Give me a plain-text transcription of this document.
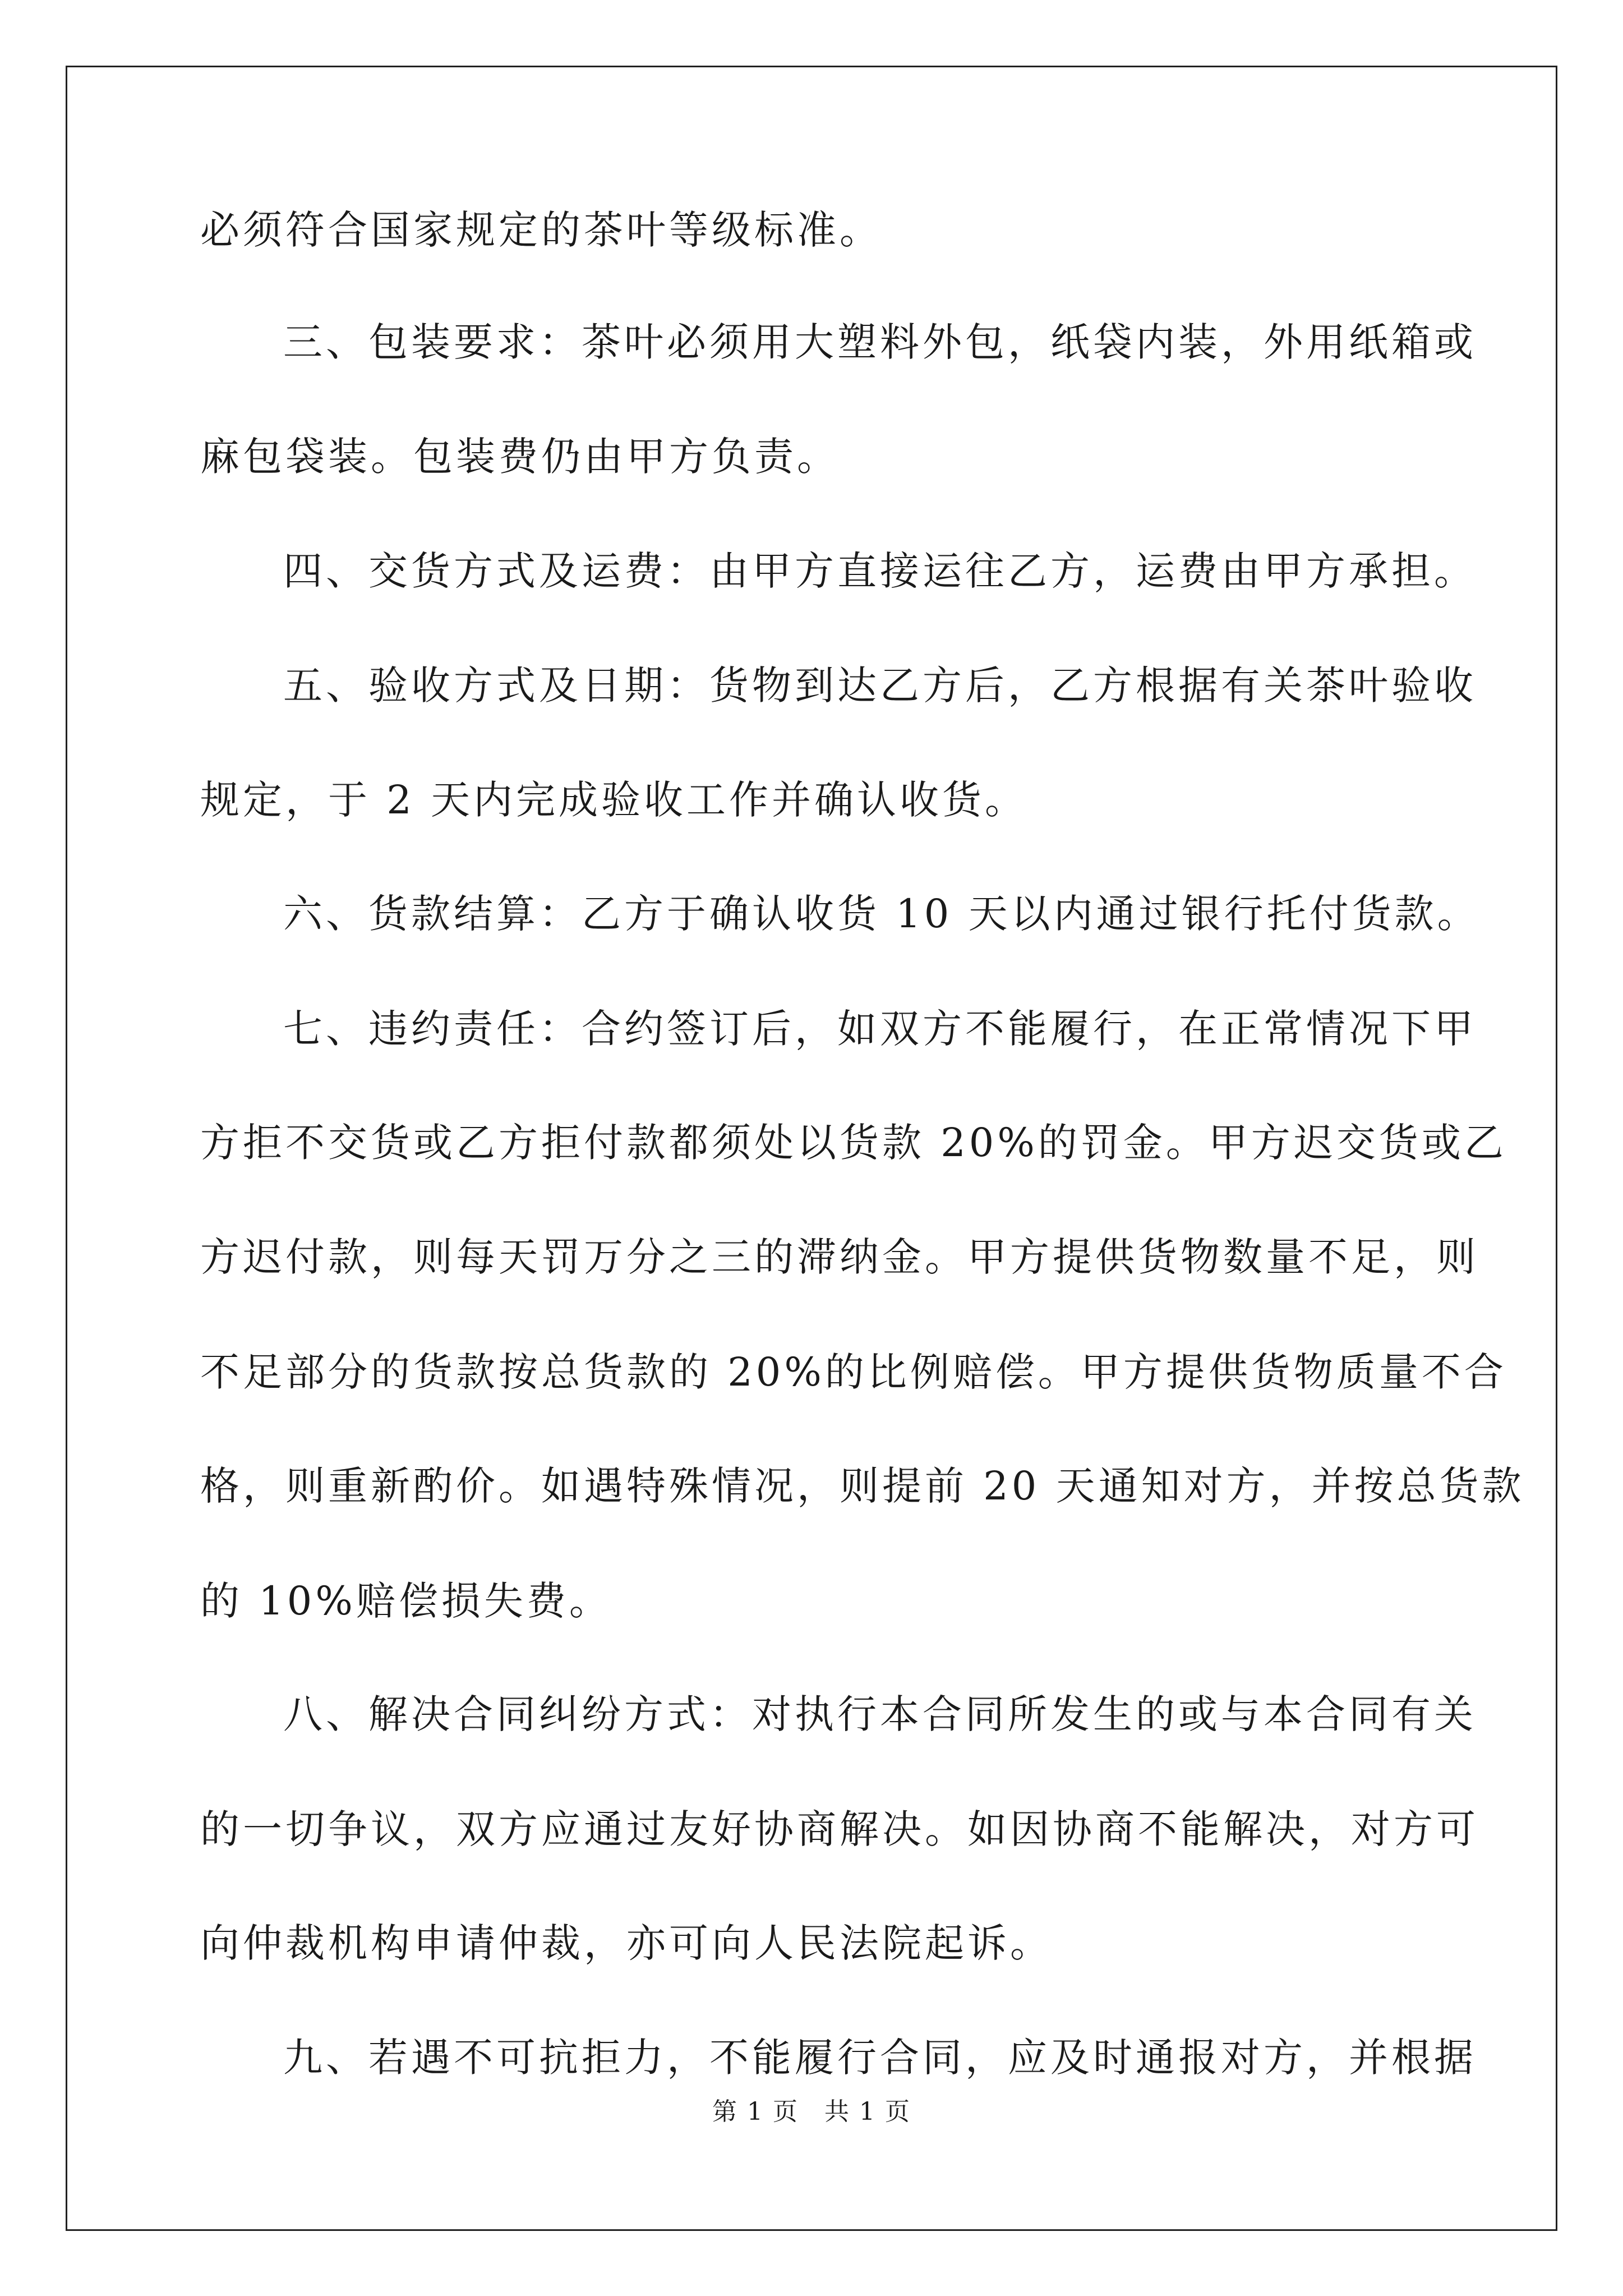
必须符合国家规定的茶叶等级标准。
三、包装要求：茶叶必须用大塑料外包，纸袋内装，外用纸箱或
麻包袋装。包装费仍由甲方负责。
四、交货方式及运费：由甲方直接运往乙方，运费由甲方承担。
五、验收方式及日期：货物到达乙方后，乙方根据有关茶叶验收
规定，于 2 天内完成验收工作并确认收货。
六、货款结算：乙方于确认收货 10 天以内通过银行托付货款。
七、违约责任：合约签订后，如双方不能履行，在正常情况下甲
方拒不交货或乙方拒付款都须处以货款 20%的罚金。甲方迟交货或乙
方迟付款，则每天罚万分之三的滞纳金。甲方提供货物数量不足，则
不足部分的货款按总货款的 20%的比例赔偿。甲方提供货物质量不合
格，则重新酌价。如遇特殊情况，则提前 20 天通知对方，并按总货款
的 10%赔偿损失费。
八、解决合同纠纷方式：对执行本合同所发生的或与本合同有关
的一切争议，双方应通过友好协商解决。如因协商不能解决，对方可
向仲裁机构申请仲裁，亦可向人民法院起诉。
九、若遇不可抗拒力，不能履行合同，应及时通报对方，并根据
第 1 页　共 1 页
